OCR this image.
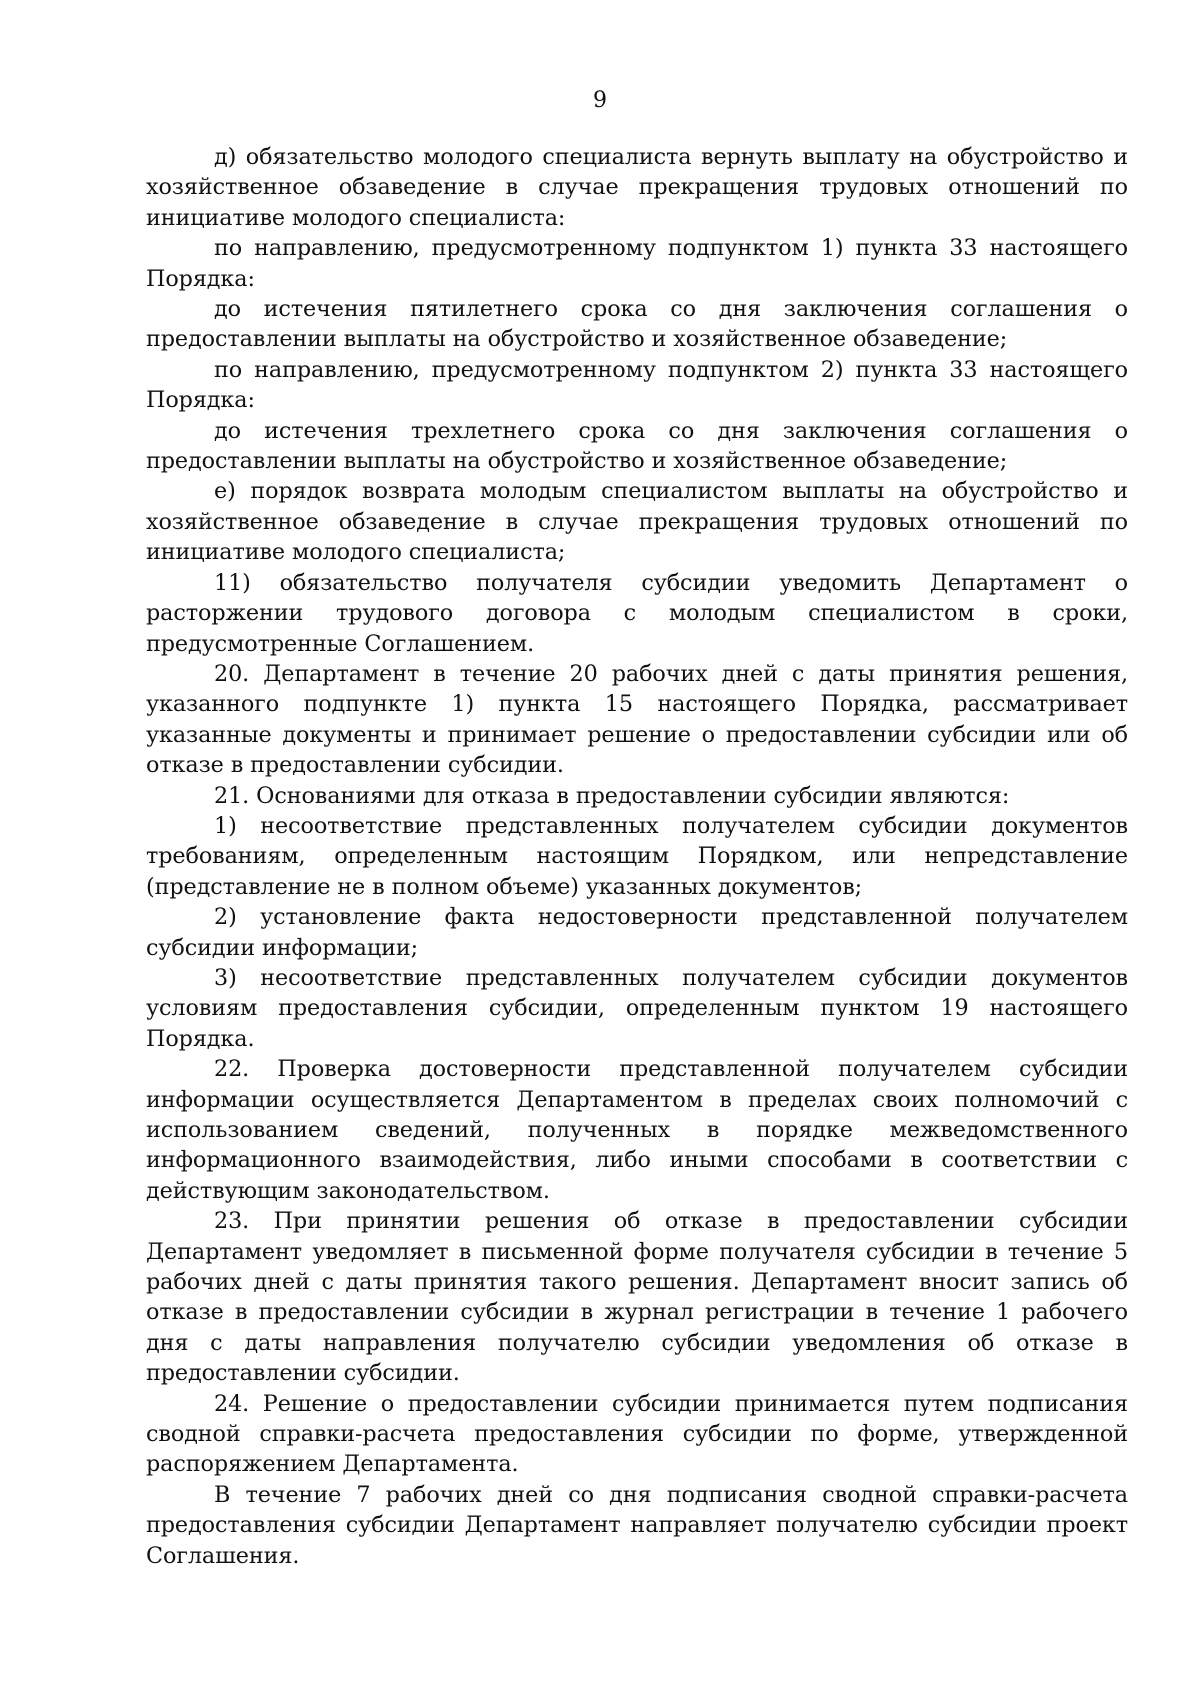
9

д) обязательство молодого специалиста вернуть выплату на обустройство и хозяйственное обзаведение в случае прекращения трудовых отношений по инициативе молодого специалиста:

по направлению, предусмотренному подпунктом 1) пункта 33 настоящего Порядка:

до истечения пятилетнего срока со дня заключения соглашения о предоставлении выплаты на обустройство и хозяйственное обзаведение;

по направлению, предусмотренному подпунктом 2) пункта 33 настоящего Порядка:

до истечения трехлетнего срока со дня заключения соглашения о предоставлении выплаты на обустройство и хозяйственное обзаведение;

е) порядок возврата молодым специалистом выплаты на обустройство и хозяйственное обзаведение в случае прекращения трудовых отношений по инициативе молодого специалиста;

11) обязательство получателя субсидии уведомить Департамент о расторжении трудового договора с молодым специалистом в сроки, предусмотренные Соглашением.

20. Департамент в течение 20 рабочих дней с даты принятия решения, указанного подпункте 1) пункта 15 настоящего Порядка, рассматривает указанные документы и принимает решение о предоставлении субсидии или об отказе в предоставлении субсидии.

21. Основаниями для отказа в предоставлении субсидии являются:

1) несоответствие представленных получателем субсидии документов требованиям, определенным настоящим Порядком, или непредставление (представление не в полном объеме) указанных документов;

2) установление факта недостоверности представленной получателем субсидии информации;

3) несоответствие представленных получателем субсидии документов условиям предоставления субсидии, определенным пунктом 19 настоящего Порядка.

22. Проверка достоверности представленной получателем субсидии информации осуществляется Департаментом в пределах своих полномочий с использованием сведений, полученных в порядке межведомственного информационного взаимодействия, либо иными способами в соответствии с действующим законодательством.

23. При принятии решения об отказе в предоставлении субсидии Департамент уведомляет в письменной форме получателя субсидии в течение 5 рабочих дней с даты принятия такого решения. Департамент вносит запись об отказе в предоставлении субсидии в журнал регистрации в течение 1 рабочего дня с даты направления получателю субсидии уведомления об отказе в предоставлении субсидии.

24. Решение о предоставлении субсидии принимается путем подписания сводной справки-расчета предоставления субсидии по форме, утвержденной распоряжением Департамента.

В течение 7 рабочих дней со дня подписания сводной справки-расчета предоставления субсидии Департамент направляет получателю субсидии проект Соглашения.
